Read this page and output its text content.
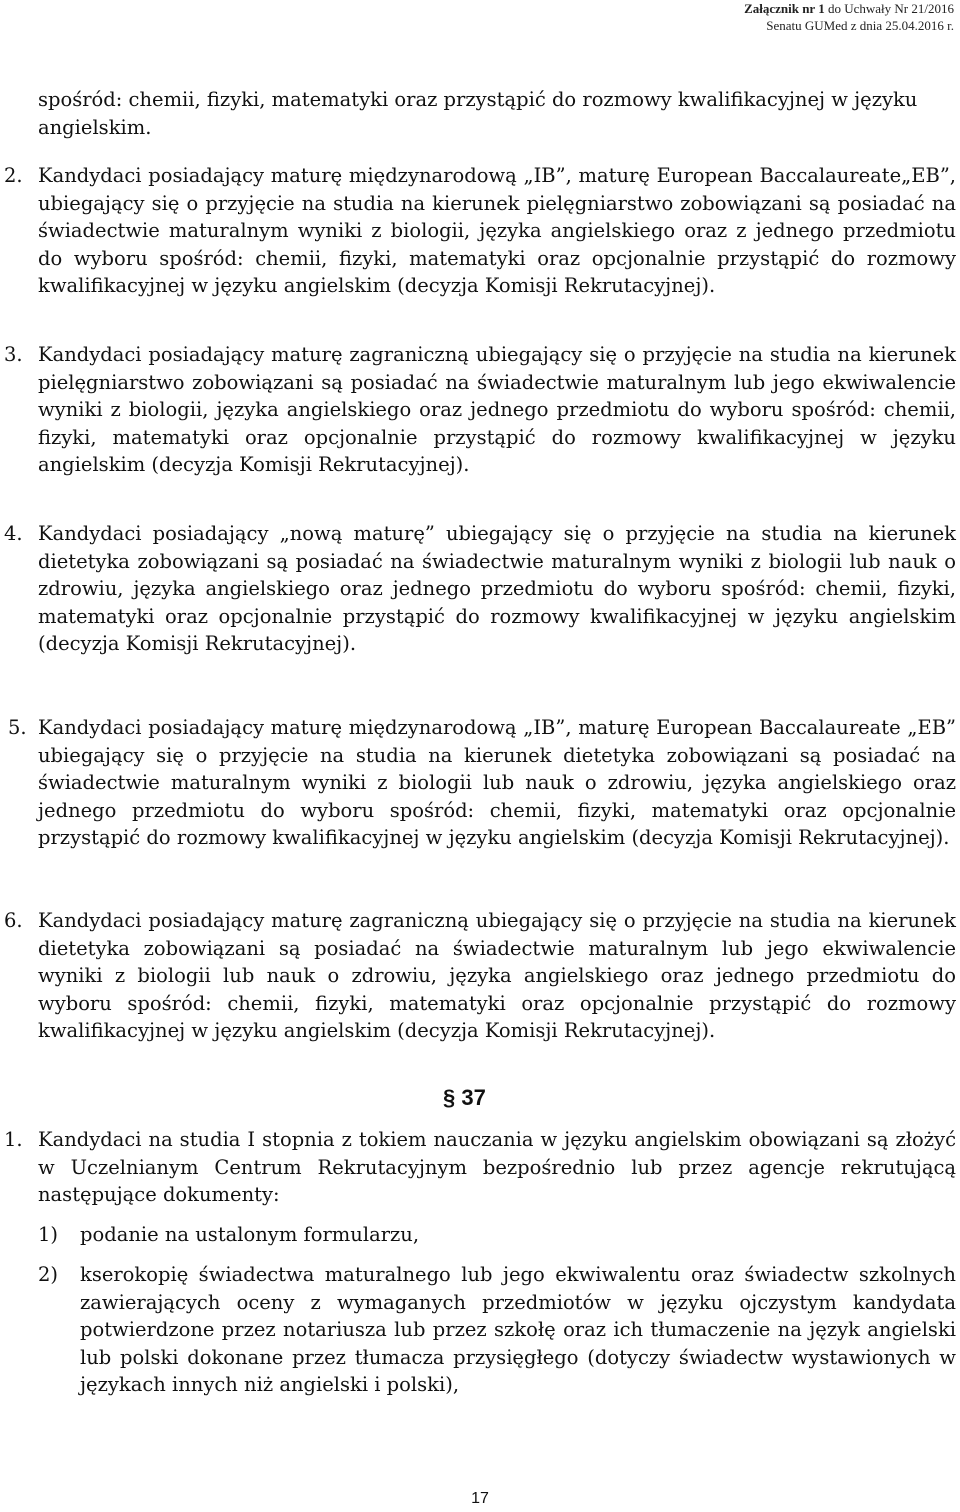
Załącznik nr 1 do Uchwały Nr 21/2016
Senatu GUMed z dnia 25.04.2016 r.
spośród: chemii, fizyki, matematyki oraz przystąpić do rozmowy kwalifikacyjnej w języku angielskim.
2. Kandydaci posiadający maturę międzynarodową „IB”, maturę European Baccalaureate„EB”, ubiegający się o przyjęcie na studia na kierunek pielęgniarstwo zobowiązani są posiadać na świadectwie maturalnym wyniki z biologii, języka angielskiego oraz z jednego przedmiotu do wyboru spośród: chemii, fizyki, matematyki oraz opcjonalnie przystąpić do rozmowy kwalifikacyjnej w języku angielskim (decyzja Komisji Rekrutacyjnej).
3. Kandydaci posiadający maturę zagraniczną ubiegający się o przyjęcie na studia na kierunek pielęgniarstwo zobowiązani są posiadać na świadectwie maturalnym lub jego ekwiwalencie wyniki z biologii, języka angielskiego oraz jednego przedmiotu do wyboru spośród: chemii, fizyki, matematyki oraz opcjonalnie przystąpić do rozmowy kwalifikacyjnej w języku angielskim (decyzja Komisji Rekrutacyjnej).
4. Kandydaci posiadający „nową maturę” ubiegający się o przyjęcie na studia na kierunek dietetyka zobowiązani są posiadać na świadectwie maturalnym wyniki z biologii lub nauk o zdrowiu, języka angielskiego oraz jednego przedmiotu do wyboru spośród: chemii, fizyki, matematyki oraz opcjonalnie przystąpić do rozmowy kwalifikacyjnej w języku angielskim (decyzja Komisji Rekrutacyjnej).
5. Kandydaci posiadający maturę międzynarodową „IB”, maturę European Baccalaureate „EB” ubiegający się o przyjęcie na studia na kierunek dietetyka zobowiązani są posiadać na świadectwie maturalnym wyniki z biologii lub nauk o zdrowiu, języka angielskiego oraz jednego przedmiotu do wyboru spośród: chemii, fizyki, matematyki oraz opcjonalnie przystąpić do rozmowy kwalifikacyjnej w języku angielskim (decyzja Komisji Rekrutacyjnej).
6. Kandydaci posiadający maturę zagraniczną ubiegający się o przyjęcie na studia na kierunek dietetyka zobowiązani są posiadać na świadectwie maturalnym lub jego ekwiwalencie wyniki z biologii lub nauk o zdrowiu, języka angielskiego oraz jednego przedmiotu do wyboru spośród: chemii, fizyki, matematyki oraz opcjonalnie przystąpić do rozmowy kwalifikacyjnej w języku angielskim (decyzja Komisji Rekrutacyjnej).
§ 37
1. Kandydaci na studia I stopnia z tokiem nauczania w języku angielskim obowiązani są złożyć w Uczelnianym Centrum Rekrutacyjnym bezpośrednio lub przez agencje rekrutującą następujące dokumenty:
1) podanie na ustalonym formularzu,
2) kserokopię świadectwa maturalnego lub jego ekwiwalentu oraz świadectw szkolnych zawierających oceny z wymaganych przedmiotów w języku ojczystym kandydata potwierdzone przez notariusza lub przez szkołę oraz ich tłumaczenie na język angielski lub polski dokonane przez tłumacza przysięgłego (dotyczy świadectw wystawionych w językach innych niż angielski i polski),
17
